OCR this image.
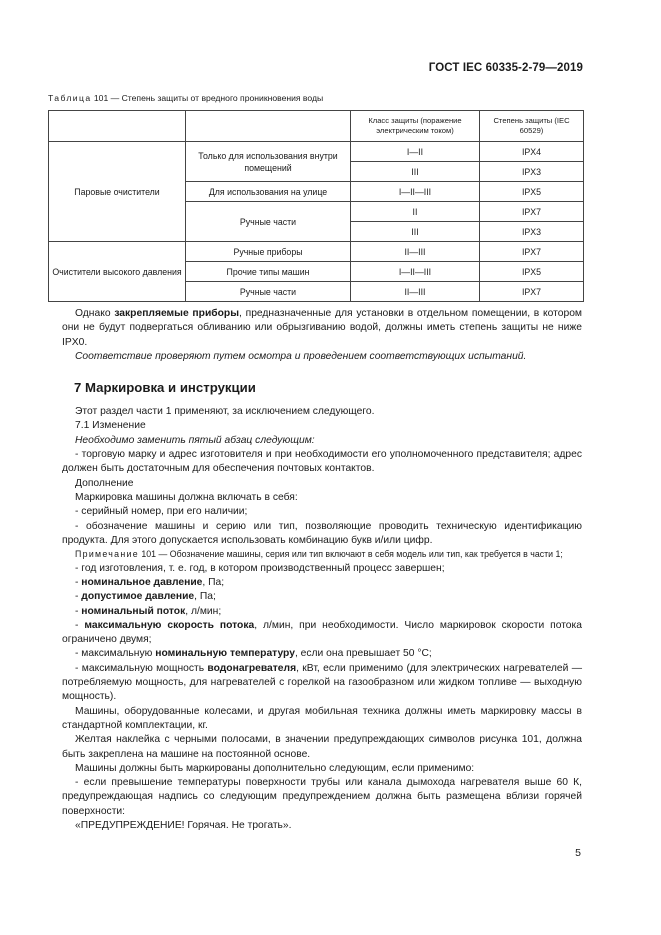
ГОСТ IEC 60335-2-79—2019
Таблица 101 — Степень защиты от вредного проникновения воды
		Класс защиты (поражение электрическим током)	Степень защиты (IEC 60529)
Паровые очистители	Только для использования внутри помещений	I—II	IPX4
		III	IPX3
	Для использования на улице	I—II—III	IPX5
	Ручные части	II	IPX7
		III	IPX3

Очистители высокого давления	Ручные приборы	II—III	IPX7
	Прочие типы машин	I—II—III	IPX5
	Ручные части	II—III	IPX7

Однако закрепляемые приборы, предназначенные для установки в отдельном помещении, в котором они не будут подвергаться обливанию или обрызгиванию водой, должны иметь степень защиты не ниже IPX0.

Соответствие проверяют путем осмотра и проведением соответствующих испытаний.

7 Маркировка и инструкции

Этот раздел части 1 применяют, за исключением следующего.

7.1 Изменение

Необходимо заменить пятый абзац следующим:

- торговую марку и адрес изготовителя и при необходимости его уполномоченного представителя; адрес должен быть достаточным для обеспечения почтовых контактов.

Дополнение

Маркировка машины должна включать в себя:

- серийный номер, при его наличии;

- обозначение машины и серию или тип, позволяющие проводить техническую идентификацию продукта. Для этого допускается использовать комбинацию букв и/или цифр.

Примечание 101 — Обозначение машины, серия или тип включают в себя модель или тип, как требуется в части 1;

- год изготовления, т. е. год, в котором производственный процесс завершен;

- номинальное давление, Па;

- допустимое давление, Па;

- номинальный поток, л/мин;

- максимальную скорость потока, л/мин, при необходимости. Число маркировок скорости потока ограничено двумя;

- максимальную номинальную температуру, если она превышает 50 °С;

- максимальную мощность водонагревателя, кВт, если применимо (для электрических нагревателей — потребляемую мощность, для нагревателей с горелкой на газообразном или жидком топливе — выходную мощность).

Машины, оборудованные колесами, и другая мобильная техника должны иметь маркировку массы в стандартной комплектации, кг.

Желтая наклейка с черными полосами, в значении предупреждающих символов рисунка 101, должна быть закреплена на машине на постоянной основе.

Машины должны быть маркированы дополнительно следующим, если применимо:

- если превышение температуры поверхности трубы или канала дымохода нагревателя выше 60 К, предупреждающая надпись со следующим предупреждением должна быть размещена вблизи горячей поверхности:

«ПРЕДУПРЕЖДЕНИЕ! Горячая. Не трогать».

5
